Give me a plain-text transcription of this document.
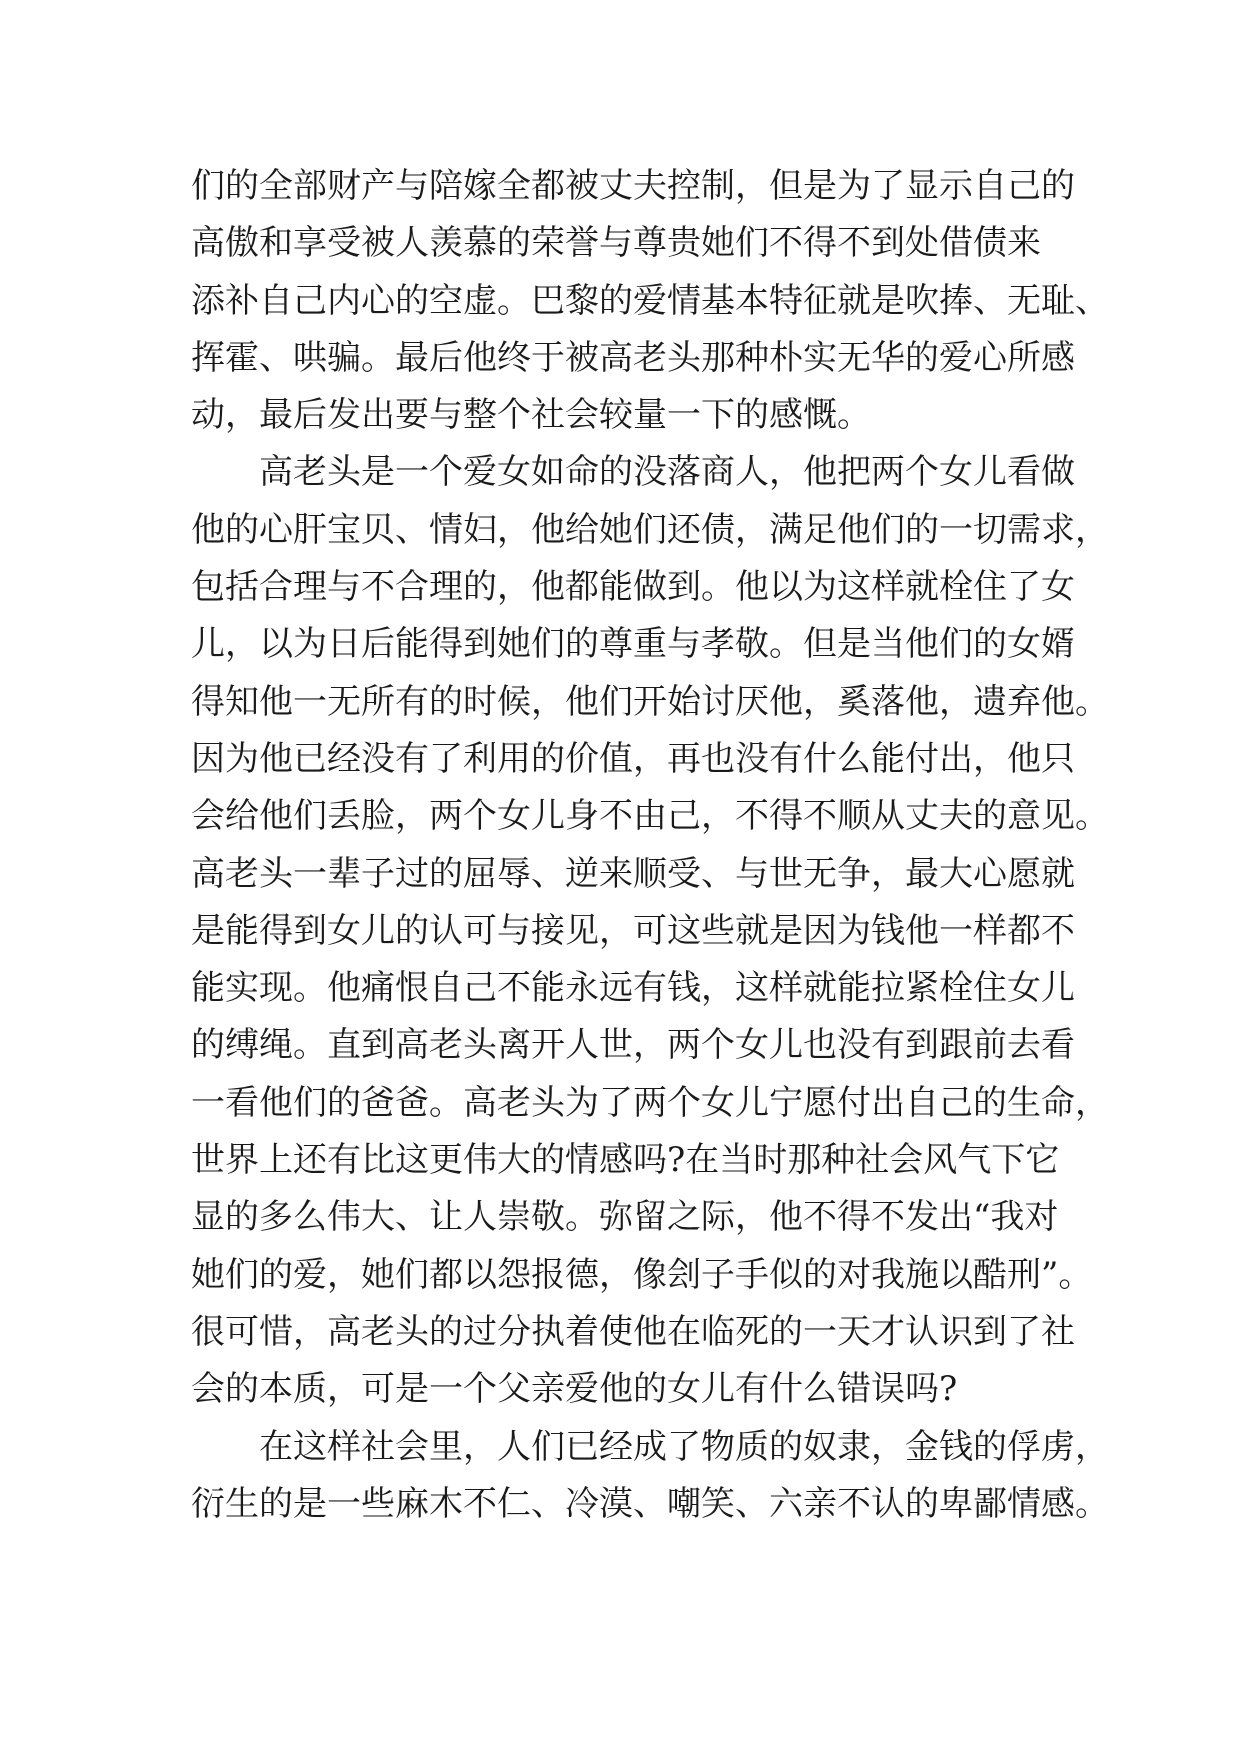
们的全部财产与陪嫁全都被丈夫控制，但是为了显示自己的
高傲和享受被人羡慕的荣誉与尊贵她们不得不到处借债来
添补自己内心的空虚。巴黎的爱情基本特征就是吹捧、无耻、
挥霍、哄骗。最后他终于被高老头那种朴实无华的爱心所感
动，最后发出要与整个社会较量一下的感慨。
高老头是一个爱女如命的没落商人，他把两个女儿看做
他的心肝宝贝、情妇，他给她们还债，满足他们的一切需求，
包括合理与不合理的，他都能做到。他以为这样就栓住了女
儿，以为日后能得到她们的尊重与孝敬。但是当他们的女婿
得知他一无所有的时候，他们开始讨厌他，奚落他，遗弃他。
因为他已经没有了利用的价值，再也没有什么能付出，他只
会给他们丢脸，两个女儿身不由己，不得不顺从丈夫的意见。
高老头一辈子过的屈辱、逆来顺受、与世无争，最大心愿就
是能得到女儿的认可与接见，可这些就是因为钱他一样都不
能实现。他痛恨自己不能永远有钱，这样就能拉紧栓住女儿
的缚绳。直到高老头离开人世，两个女儿也没有到跟前去看
一看他们的爸爸。高老头为了两个女儿宁愿付出自己的生命，
世界上还有比这更伟大的情感吗?在当时那种社会风气下它
显的多么伟大、让人崇敬。弥留之际，他不得不发出“我对
她们的爱，她们都以怨报德，像刽子手似的对我施以酷刑”。
很可惜，高老头的过分执着使他在临死的一天才认识到了社
会的本质，可是一个父亲爱他的女儿有什么错误吗?
在这样社会里，人们已经成了物质的奴隶，金钱的俘虏，
衍生的是一些麻木不仁、冷漠、嘲笑、六亲不认的卑鄙情感。
